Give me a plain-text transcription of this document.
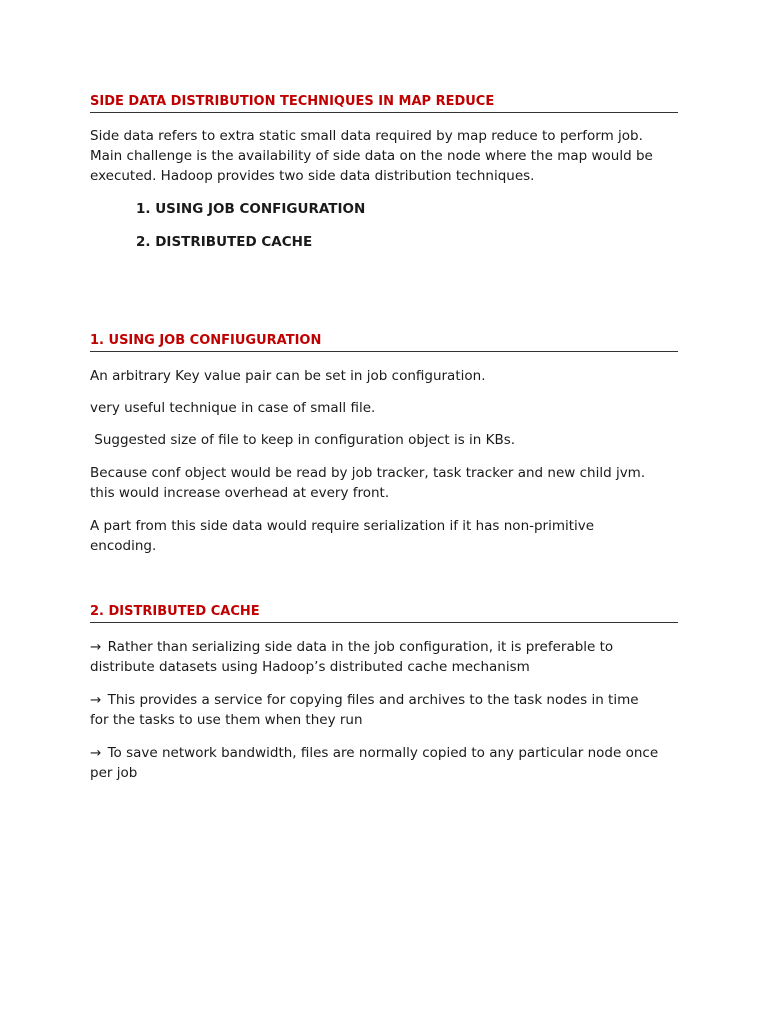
SIDE DATA DISTRIBUTION TECHNIQUES IN MAP REDUCE
Side data refers to extra static small data required by map reduce to perform job.
Main challenge is the availability of side data on the node where the map would be
executed. Hadoop provides two side data distribution techniques.
1. USING JOB CONFIGURATION
2. DISTRIBUTED CACHE
1. USING JOB CONFIUGURATION
An arbitrary Key value pair can be set in job configuration.
very useful technique in case of small file.
Suggested size of file to keep in configuration object is in KBs.
Because conf object would be read by job tracker, task tracker and new child jvm.
this would increase overhead at every front.
A part from this side data would require serialization if it has non-primitive
encoding.
2. DISTRIBUTED CACHE
→ Rather than serializing side data in the job configuration, it is preferable to
distribute datasets using Hadoop’s distributed cache mechanism
→ This provides a service for copying files and archives to the task nodes in time
for the tasks to use them when they run
→ To save network bandwidth, files are normally copied to any particular node once
per job
